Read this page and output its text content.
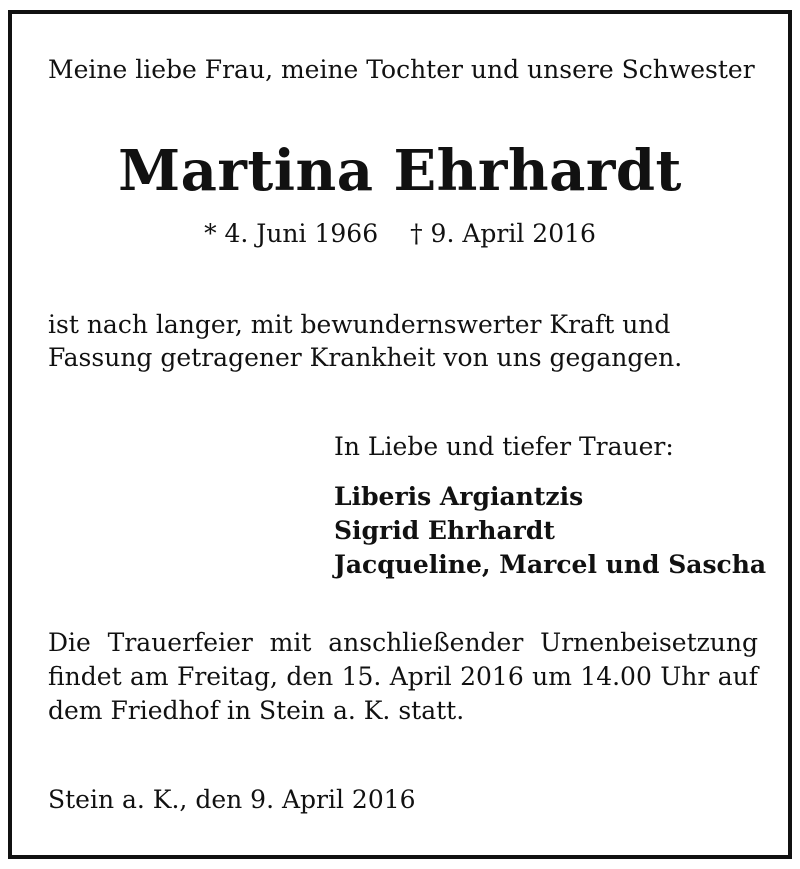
Meine liebe Frau, meine Tochter und unsere Schwester

Martina Ehrhardt
* 4. Juni 1966 † 9. April 2016
ist nach langer, mit bewundernswerter Kraft und
Fassung getragener Krankheit von uns gegangen.

In Liebe und tiefer Trauer:

Liberis Argiantzis

Sigrid Ehrhardt

Jacqueline, Marcel und Sascha

Die Trauerfeier mit anschließender Urnenbeisetzung
findet am Freitag, den 15. April 2016 um 14.00 Uhr auf
dem Friedhof in Stein a. K. statt.

Stein a. K., den 9. April 2016
